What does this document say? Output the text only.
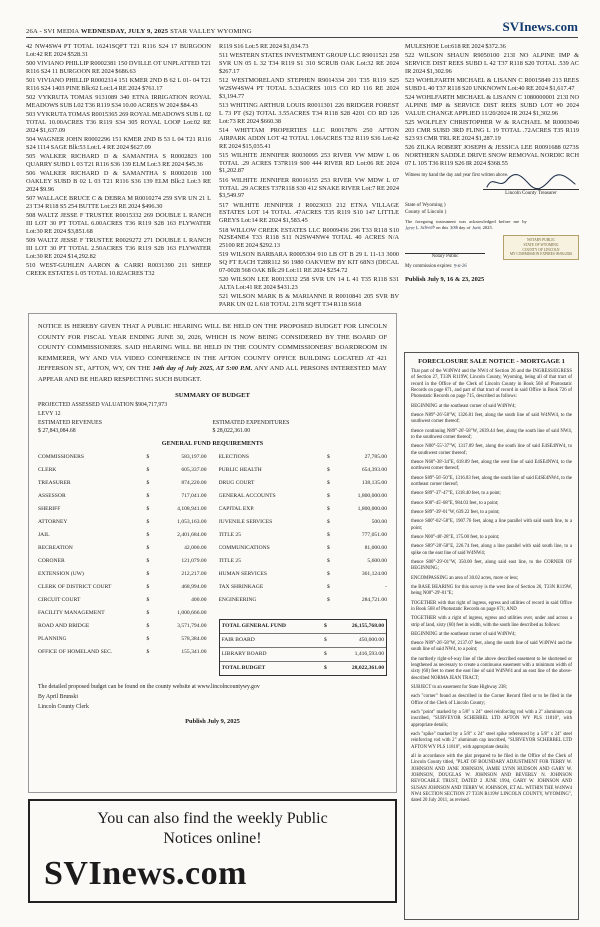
26A - SVI MEDIA WEDNESDAY, JULY 9, 2025 STAR VALLEY WYOMING	SVInews.com

42 NW4SW4 PT TOTAL 16241SQFT T21 R116 S24 17 BURGOON Lot:42 RE 2024 $528.31

500 VIVIANO PHILLIP R0002381 150 DVILLE OT UNPLATTED T21 R116 S24 11 BURGOON RE 2024 $686.63

501 VIVIANO PHILLIP R0002314 151 KMER 2ND B 62 L 01- 04 T21 R116 S24 1403 PINE Blk:62 Lot:L4 RE 2024 $761.17

502 VYKRUTA TOMAS 9131089 340 ETNA IRRIGATION ROYAL MEADOWS SUB L02 T36 R119 S34 10.00 ACRES W 2024 $84.43

503 VYKRUTA TOMAS R0015365 269 ROYAL MEADOWS SUB L 02 TOTAL 10.00ACRES T36 R119 S34 305 ROYAL LOOP Lot:02 RE 2024 $1,637.09

504 WAGNER JOHN R0002296 151 KMER 2ND B 53 L 04 T21 R116 S24 1114 SAGE Blk:53 Lot:L 4 RE 2024 $627.09

505 WALKER RICHARD D & SAMANTHA S R0002823 100 QUARRY SUBD L 03 T21 R116 S36 139 ELM Lot:3 RE 2024 $45.36

506 WALKER RICHARD D & SAMANTHA S R0002018 100 OAKLEY SUBD B 02 L 03 T21 R116 S36 139 ELM Blk:2 Lot:3 RE 2024 $9.96

507 WALLACE BRUCE C & DEBRA M R0010274 259 SVR UN 21 L 23 T34 R118 S5 254 BUTTE Lot:23 RE 2024 $496.30

508 WALTZ JESSE F TRUSTEE R0015332 269 DOUBLE L RANCH III LOT 30 PT TOTAL 6.00ACRES T36 R119 S28 163 FLYWATER Lot:30 RE 2024 $3,851.68

509 WALTZ JESSE F TRUSTEE R0029272 271 DOUBLE L RANCH III LOT 30 PT TOTAL 2.50ACRES T36 R119 S28 163 FLYWATER Lot:30 RE 2024 $14,292.82

510 WEST-GUHLEN AARON & CARRI R0031390 211 SHEEP CREEK ESTATES L 05 TOTAL 10.82ACRES T32

R119 S16 Lot:5 RE 2024 $1,034.73

511 WESTERN STATES INVESTMENT GROUP LLC R9011521 258 SVR UN 05 L 32 T34 R119 S1 310 SCRUB OAK Lot:32 RE 2024 $267.17

512 WESTMORELAND STEPHEN R9014334 201 T35 R119 S25 W2SW4SW4 PT TOTAL 5.33ACRES 1015 CO RD 116 RE 2024 $3,194.77

513 WHITING ARTHUR LOUIS R0011301 226 BRIDGER FOREST L 73 PT (S2) TOTAL 3.55ACRES T34 R118 S28 4201 CO RD 126 Lot:73 RE 2024 $660.38

514 WHITTAM PROPERTIES LLC R0017876 250 AFTON AIRPARK ADDN LOT 42 TOTAL 1.06ACRES T32 R119 S36 Lot:42 RE 2024 $15,035.41

515 WILHITE JENNIFER R0030095 253 RIVER VW MDW L 06 TOTAL .29 ACRES T37R119 S00 444 RIVER RD Lot:06 RE 2024 $1,202.87

516 WILHITE JENNIFER R0016155 253 RIVER VW MDW L 07 TOTAL .29 ACRES T37R118 S30 412 SNAKE RIVER Lot:7 RE 2024 $3,549.97

517 WILHITE JENNIFER J R0023033 212 ETNA VILLAGE ESTATES LOT 14 TOTAL .47ACRES T35 R119 S10 147 LITTLE GREYS Lot:14 RE 2024 $1,583.45

518 WILLOW CREEK ESTATES LLC R0009436 296 T33 R118 S10 N2SE4NE4 T33 R118 S11 N2SW4NW4 TOTAL 40 ACRES N/A 25100 RE 2024 $292.13

519 WILSON BARBARA R0005304 910 LB OT B 29 L 11-13 3000 SQ FT EACH T28R112 S6 1980 OAKVIEW BY KIT 68N3 (DECAL 07-0028 568 OAK Blk:29 Lot:11 RE 2024 $254.72

520 WILSON LEE R0013332 258 SVR UN 14 L 41 T35 R118 S31 ALTA Lot:41 RE 2024 $431.23

521 WILSON MARK B & MARIANNE R R0010841 205 SVR BV PARK UN 02 L 618 TOTAL 2178 SQFT T34 R118 S618

MULESHOE Lot:618 RE 2024 $372.36

522 WILSON SHAUN R9050100 213I NO ALPINE IMP & SERVICE DIST REES SUBD L 42 T37 R118 S20 TOTAL .539 AC IR 2024 $1,302.96

523 WOHLFARTH MICHAEL & LISANN C R0015849 213 REES SUBD L 40 T37 R118 S20 UNKNOWN Lot:40 RE 2024 $1,617.47

524 WOHLFARTH MICHAEL & LISANN C 1080000001 213I NO ALPINE IMP & SERVICE DIST REES SUBD LOT #0 2024 VALUE CHANGE APPLIED 11/20/2024 IR 2024 $1,302.96

525 WOLFLEY CHRISTOPHER W & RACHAEL M R0003046 203 CMR SUBD 3RD FLING L 19 TOTAL .72ACRES T35 R119 S23 93 CMR TRL RE 2024 $1,287.19

526 ZILKA ROBERT JOSEPH & JESSICA LEE R0091688 0273S NORTHERN SADDLE DRIVE SNOW REMOVAL NORDIC RCH 07 L 105 T36 R119 S26 IR 2024 $368.55

Witness my hand the day and year first written above.
Lincoln County Treasurer
State of Wyoming )
County of Lincoln )
The foregoing instrument was acknowledged before me by Jerre L. Schwab on this 30th day of June, 2025.
Notary Public
NOTARY PUBLIC
STATE OF WYOMING
COUNTY OF LINCOLN
MY COMMISSION EXPIRES 09/06/2026
My commission expires: 9-6-26
Publish July 9, 16 & 23, 2025
FORECLOSURE SALE NOTICE - MORTGAGE 1

That part of the W4NW4 and the NW4 of Section 26 and the INGRESS/EGRESS of Section 27, T33N R119W, Lincoln County, Wyoming, being all of that tract of record in the Office of the Clerk of Lincoln County in Book 568 of Photostatic Records on page 671, and part of that tract of record in said Office in Book 726 of Photostatic Records on page 715, described as follows:

BEGINNING at the southeast corner of said W4NW4;

thence N89°-26'-58"W, 1326.81 feet, along the south line of said W4NW4, to the southwest corner thereof;

thence continuing N89°-26'-58"W, 2639.44 feet, along the south line of said NW4, to the southwest corner thereof;

thence N00°-55'-37"W, 1317.89 feet, along the south line of said E4SE4NW4, to the southwest corner thereof;

thence N60°-38'-34"E, 618.89 feet, along the west line of said E4SE4NW4, to the northwest corner thereof;

thence S89°-56'-50"E, 1316.83 feet, along the south line of said E4SE4NW4, to the northeast corner thereof;

thence S89°-37'-47"E, 1318.40 feet, to a point;

thence S00°-45'-08"E, 984.03 feet, to a point;

thence S89°-39'-01"W, 639.22 feet, to a point;

thence S00°-02'-58"E, 1907.76 feet, along a line parallel with said south line, to a point;

thence N00°-40'-28"E, 175.00 feet, to a point;

thence S89°-28'-58"E, 226.74 feet, along a line parallel with said south line, to a spike on the east line of said W4NW4;

thence S00°-29'-01"W, 350.00 feet, along said east line, to the CORNER OF BEGINNING;

ENCOMPASSING an area of 30.02 acres, more or less;

the BASE BEARING for this survey is the west line of Section 26, T33N R119W, being N00°-29'-01"E;

TOGETHER with that right of ingress, egress and utilities of record in said Office in Book 568 of Photostatic Records on page 671; AND

TOGETHER with a right of ingress, egress and utilities over, under and across a strip of land, sixty (60) feet in width, with the south line described as follows:

BEGINNING at the southeast corner of said W4NW4;

thence N89°-26'-58"W, 2137.07 feet, along the south line of said W4NW4 and the south line of said NW4, to a point;

the northerly right-of-way line of the above described easement to be shortened or lengthened as necessary to create a continuous easement with a minimum width of sixty (60) feet to meet the east line of said W4NW4 and an east line of the above-described NORMA JEAN TRACT;

SUBJECT to an easement for State Highway 238;

each "corner" found as described in the Corner Record filed or to be filed in the Office of the Clerk of Lincoln County;

each "point" marked by a 5/8" x 24" steel reinforcing rod with a 2" aluminum cap inscribed, "SURVEYOR SCHERBEL LTD AFTON WY PLS 11810", with appropriate details;

each "spike" marked by a 5/8" x 24" steel spike referenced by a 5/8" x 24" steel reinforcing rod with 2" aluminum cap inscribed, "SURVEYOR SCHERBEL LTD AFTON WY PLS 11810", with appropriate details;

all in accordance with the plat prepared to be filed in the Office of the Clerk of Lincoln County titled, "PLAT OF BOUNDARY ADJUSTMENT FOR TERRY W. JOHNSON AND JANE JOHNSON, JAMIE LYNN HUDSON AND GARY W. JOHNSON, DOUGLAS W. JOHNSON AND BEVERLY N. JOHNSON REVOCABLE TRUST, DATED 2 JUNE 1994, GARY W. JOHNSON AND SUSAN JOHNSON AND TERRY W. JOHNSON, ET AL. WITHIN THE W4NW4 NW4 SECTION SECTION 27 T33N R119W LINCOLN COUNTY, WYOMING", dated 20 July 2011, as revised.

NOTICE IS HEREBY GIVEN THAT A PUBLIC HEARING WILL BE HELD ON THE PROPOSED BUDGET FOR LINCOLN COUNTY FOR FISCAL YEAR ENDING JUNE 30, 2026, WHICH IS NOW BEING CONSIDERED BY THE BOARD OF COUNTY COMMISSIONERS. SAID HEARING WILL BE HELD IN THE COUNTY COMMISSIONERS' BOARDROOM IN KEMMERER, WY AND VIA VIDEO CONFERENCE IN THE AFTON COUNTY OFFICE BUILDING LOCATED AT 421 JEFFERSON ST., AFTON, WY, ON THE 14th day of July 2025, AT 5:00 P.M. ANY AND ALL PERSONS INTERESTED MAY APPEAR AND BE HEARD RESPECTING SUCH BUDGET.

SUMMARY OF BUDGET
PROJECTED ASSESSED VALUATION $904,717,973
LEVY 12
ESTIMATED REVENUES	ESTIMATED EXPENDITURES
$ 27,843,084.68	$ 28,022,361.00
GENERAL FUND REQUIREMENTS
COMMISSIONERS	$	583,197.00
CLERK	$	605,337.00
TREASURER	$	874,220.00
ASSESSOR	$	717,041.00
SHERIFF	$	4,108,941.00
ATTORNEY	$	1,053,163.00
JAIL	$	2,401,684.00
RECREATION	$	42,000.00
CORONER	$	121,079.00
EXTENSION (UW)	$	212,217.00
CLERK OF DISTRICT COURT	$	468,994.00
CIRCUIT COURT	$	400.00
FACILITY MANAGEMENT	$	1,000,666.00
ROAD AND BRIDGE	$	3,571,794.00
PLANNING	$	578,384.00
OFFICE OF HOMELAND SEC.	$	155,341.00
ELECTIONS	$	27,785.00
PUBLIC HEALTH	$	654,393.00
DRUG COURT	$	138,135.00
GENERAL ACCOUNTS	$	1,800,000.00
CAPITAL EXP.	$	1,800,000.00
JUVENILE SERVICES	$	500.00
TITLE 25	$	777,051.00
COMMUNICATIONS	$	81,000.00
TITLE 25	$	5,600.00
HUMAN SERVICES	$	361,124.00
TAX SHRINKAGE	$	-
ENGINEERING	$	284,721.00
TOTAL GENERAL FUND	$	26,155,768.00
FAIR BOARD	$	450,000.00
LIBRARY BOARD	$	1,416,593.00
TOTAL BUDGET	$	28,022,361.00
The detailed proposed budget can be found on the county website at www.lincolncountywy.gov
By April Brunski
Lincoln County Clerk
Publish July 9, 2025
You can also find the weekly Public
Notices online!
SVInews.com
